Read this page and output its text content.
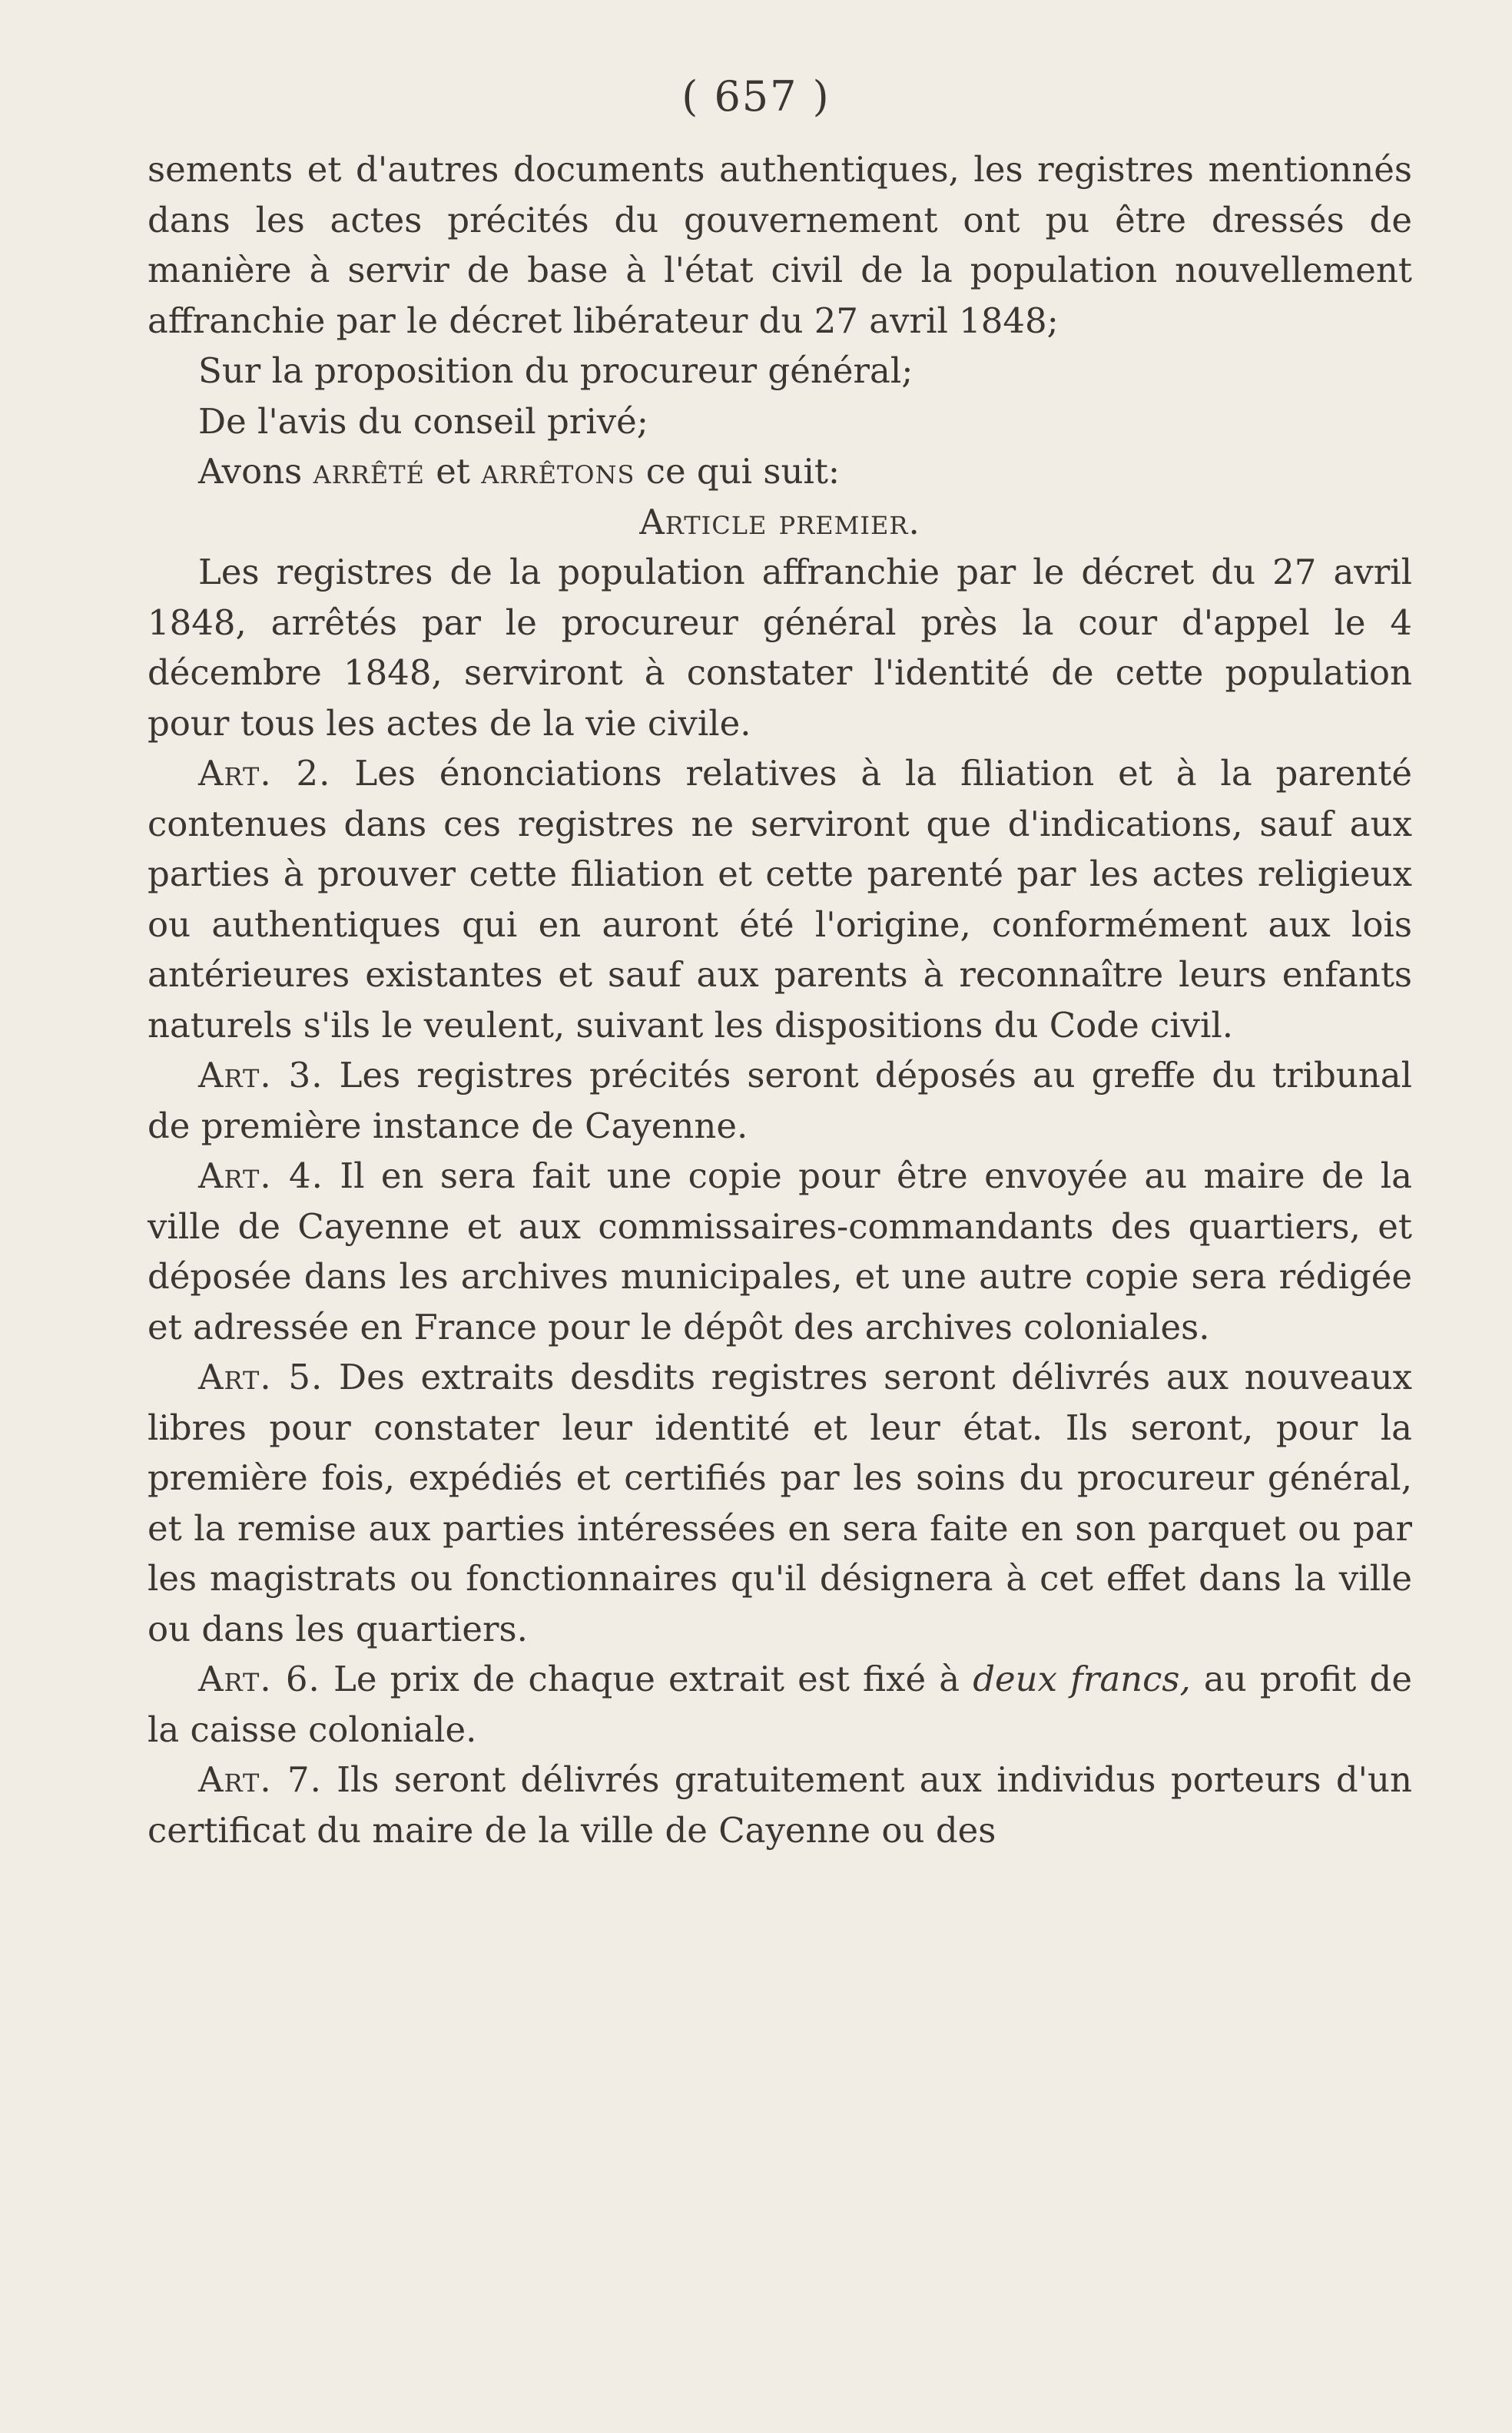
( 657 )

sements et d'autres documents authentiques, les registres mentionnés dans les actes précités du gouvernement ont pu être dressés de manière à servir de base à l'état civil de la population nouvellement affranchie par le décret libérateur du 27 avril 1848;

Sur la proposition du procureur général;

De l'avis du conseil privé;

Avons arrêté et arrêtons ce qui suit:

Article premier.

Les registres de la population affranchie par le décret du 27 avril 1848, arrêtés par le procureur général près la cour d'appel le 4 décembre 1848, serviront à constater l'identité de cette population pour tous les actes de la vie civile.

Art. 2. Les énonciations relatives à la filiation et à la parenté contenues dans ces registres ne serviront que d'indications, sauf aux parties à prouver cette filiation et cette parenté par les actes religieux ou authentiques qui en auront été l'origine, conformément aux lois antérieures existantes et sauf aux parents à reconnaître leurs enfants naturels s'ils le veulent, suivant les dispositions du Code civil.

Art. 3. Les registres précités seront déposés au greffe du tribunal de première instance de Cayenne.

Art. 4. Il en sera fait une copie pour être envoyée au maire de la ville de Cayenne et aux commissaires-commandants des quartiers, et déposée dans les archives municipales, et une autre copie sera rédigée et adressée en France pour le dépôt des archives coloniales.

Art. 5. Des extraits desdits registres seront délivrés aux nouveaux libres pour constater leur identité et leur état. Ils seront, pour la première fois, expédiés et certifiés par les soins du procureur général, et la remise aux parties intéressées en sera faite en son parquet ou par les magistrats ou fonctionnaires qu'il désignera à cet effet dans la ville ou dans les quartiers.

Art. 6. Le prix de chaque extrait est fixé à deux francs, au profit de la caisse coloniale.

Art. 7. Ils seront délivrés gratuitement aux individus porteurs d'un certificat du maire de la ville de Cayenne ou des
